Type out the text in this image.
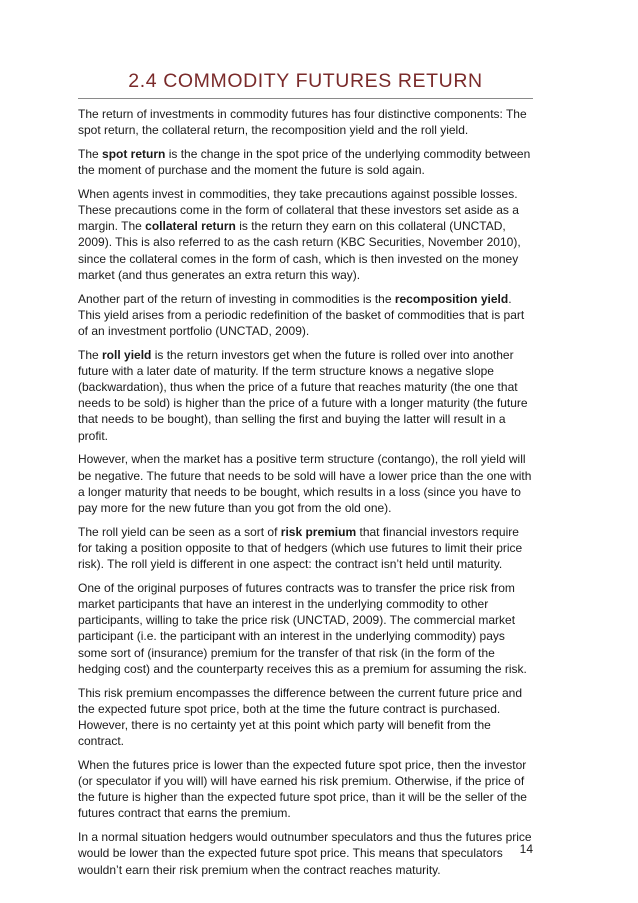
2.4 COMMODITY FUTURES RETURN

The return of investments in commodity futures has four distinctive components: The spot return, the collateral return, the recomposition yield and the roll yield.

The spot return is the change in the spot price of the underlying commodity between the moment of purchase and the moment the future is sold again.

When agents invest in commodities, they take precautions against possible losses. These precautions come in the form of collateral that these investors set aside as a margin. The collateral return is the return they earn on this collateral (UNCTAD, 2009). This is also referred to as the cash return (KBC Securities, November 2010), since the collateral comes in the form of cash, which is then invested on the money market (and thus generates an extra return this way).

Another part of the return of investing in commodities is the recomposition yield. This yield arises from a periodic redefinition of the basket of commodities that is part of an investment portfolio (UNCTAD, 2009).

The roll yield is the return investors get when the future is rolled over into another future with a later date of maturity. If the term structure knows a negative slope (backwardation), thus when the price of a future that reaches maturity (the one that needs to be sold) is higher than the price of a future with a longer maturity (the future that needs to be bought), than selling the first and buying the latter will result in a profit.

However, when the market has a positive term structure (contango), the roll yield will be negative. The future that needs to be sold will have a lower price than the one with a longer maturity that needs to be bought, which results in a loss (since you have to pay more for the new future than you got from the old one).

The roll yield can be seen as a sort of risk premium that financial investors require for taking a position opposite to that of hedgers (which use futures to limit their price risk). The roll yield is different in one aspect: the contract isn’t held until maturity.

One of the original purposes of futures contracts was to transfer the price risk from market participants that have an interest in the underlying commodity to other participants, willing to take the price risk (UNCTAD, 2009). The commercial market participant (i.e. the participant with an interest in the underlying commodity) pays some sort of (insurance) premium for the transfer of that risk (in the form of the hedging cost) and the counterparty receives this as a premium for assuming the risk.

This risk premium encompasses the difference between the current future price and the expected future spot price, both at the time the future contract is purchased. However, there is no certainty yet at this point which party will benefit from the contract.

When the futures price is lower than the expected future spot price, then the investor (or speculator if you will) will have earned his risk premium. Otherwise, if the price of the future is higher than the expected future spot price, than it will be the seller of the futures contract that earns the premium.

In a normal situation hedgers would outnumber speculators and thus the futures price would be lower than the expected future spot price. This means that speculators wouldn’t earn their risk premium when the contract reaches maturity.

14
